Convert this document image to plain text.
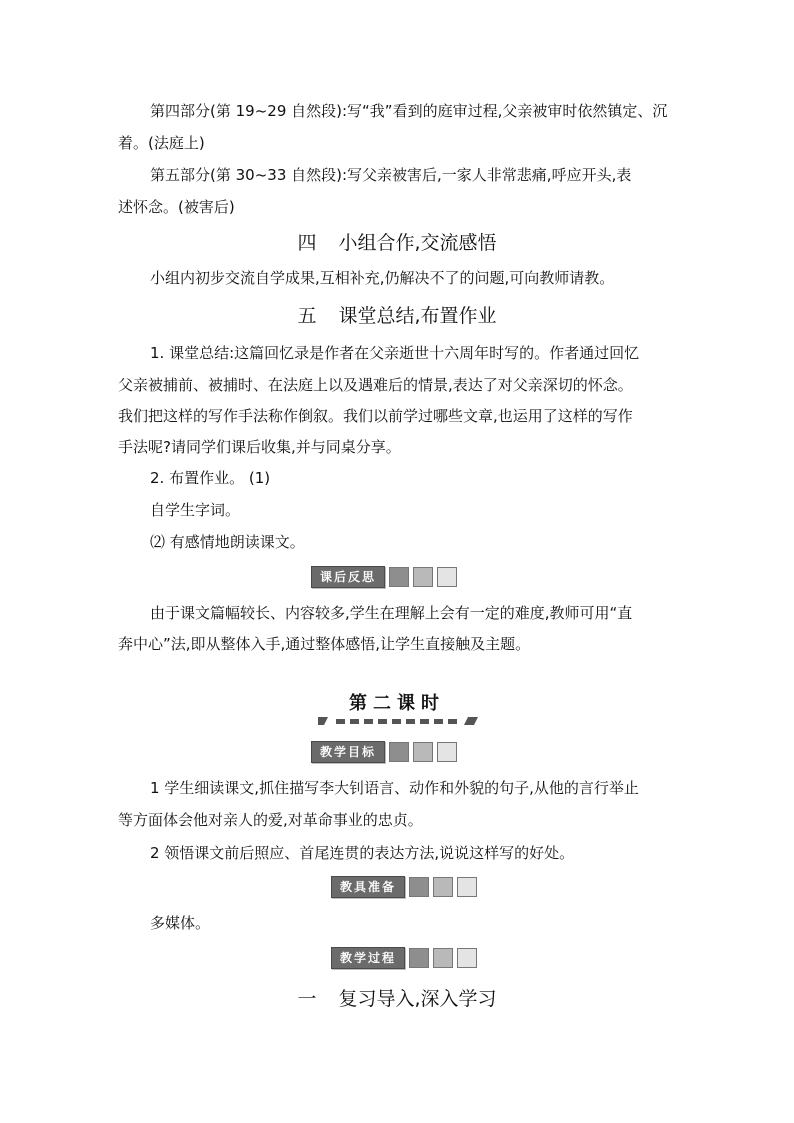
第四部分(第 19~29 自然段):写“我”看到的庭审过程,父亲被审时依然镇定、沉
着。(法庭上)
第五部分(第 30~33 自然段):写父亲被害后,一家人非常悲痛,呼应开头,表
述怀念。(被害后)
四 小组合作,交流感悟
小组内初步交流自学成果,互相补充,仍解决不了的问题,可向教师请教。
五 课堂总结,布置作业
1. 课堂总结:这篇回忆录是作者在父亲逝世十六周年时写的。作者通过回忆
父亲被捕前、被捕时、在法庭上以及遇难后的情景,表达了对父亲深切的怀念。
我们把这样的写作手法称作倒叙。我们以前学过哪些文章,也运用了这样的写作
手法呢?请同学们课后收集,并与同桌分享。
2. 布置作业。 (1)
自学生字词。
⑵ 有感情地朗读课文。
课后反思
由于课文篇幅较长、内容较多,学生在理解上会有一定的难度,教师可用“直
奔中心”法,即从整体入手,通过整体感悟,让学生直接触及主题。
第二课时
教学目标
1 学生细读课文,抓住描写李大钊语言、动作和外貌的句子,从他的言行举止
等方面体会他对亲人的爱,对革命事业的忠贞。
2 领悟课文前后照应、首尾连贯的表达方法,说说这样写的好处。
教具准备
多媒体。
教学过程
一 复习导入,深入学习
